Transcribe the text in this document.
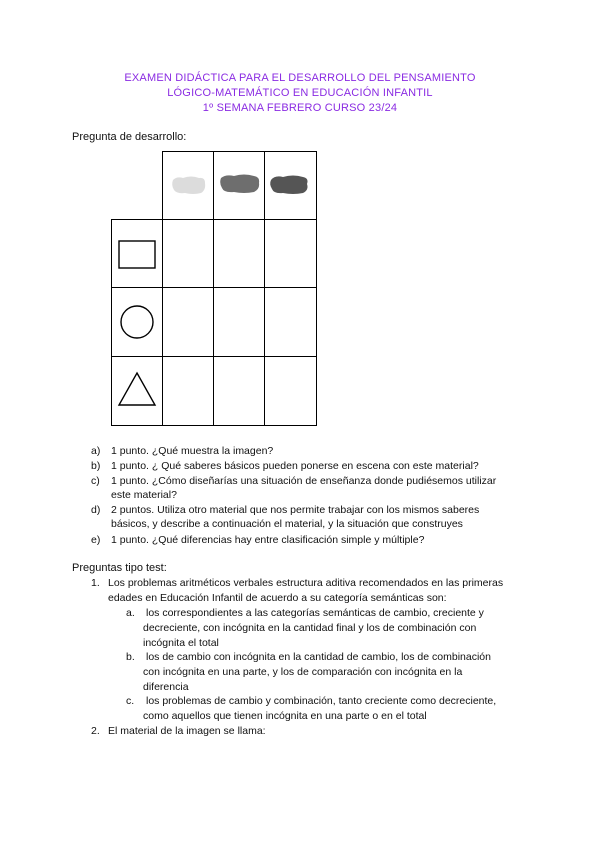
EXAMEN DIDÁCTICA PARA EL DESARROLLO DEL PENSAMIENTO
LÓGICO-MATEMÁTICO EN EDUCACIÓN INFANTIL
1º SEMANA FEBRERO CURSO 23/24
Pregunta de desarrollo:
a) 1 punto. ¿Qué muestra la imagen?
b) 1 punto. ¿ Qué saberes básicos pueden ponerse en escena con este material?
c) 1 punto. ¿Cómo diseñarías una situación de enseñanza donde pudiésemos utilizar
este material?
d) 2 puntos. Utiliza otro material que nos permite trabajar con los mismos saberes
básicos, y describe a continuación el material, y la situación que construyes
e) 1 punto. ¿Qué diferencias hay entre clasificación simple y múltiple?
Preguntas tipo test:
1. Los problemas aritméticos verbales estructura aditiva recomendados en las primeras
edades en Educación Infantil de acuerdo a su categoría semánticas son:
a. los correspondientes a las categorías semánticas de cambio, creciente y
decreciente, con incógnita en la cantidad final y los de combinación con
incógnita el total
b. los de cambio con incógnita en la cantidad de cambio, los de combinación
con incógnita en una parte, y los de comparación con incógnita en la
diferencia
c. los problemas de cambio y combinación, tanto creciente como decreciente,
como aquellos que tienen incógnita en una parte o en el total
2. El material de la imagen se llama:
